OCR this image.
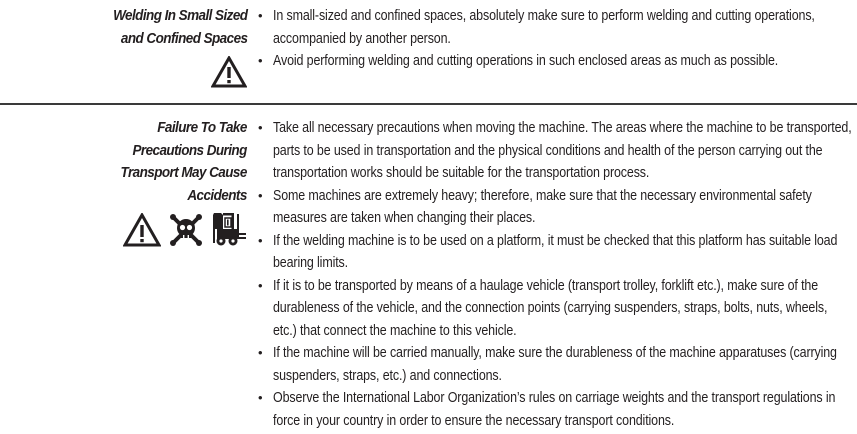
Welding In Small Sized
and Confined Spaces
• In small-sized and confined spaces, absolutely make sure to perform welding and cutting operations, accompanied by another person.
• Avoid performing welding and cutting operations in such enclosed areas as much as possible.
Failure To Take
Precautions During
Transport May Cause
Accidents
• Take all necessary precautions when moving the machine. The areas where the machine to be transported, parts to be used in transportation and the physical conditions and health of the person carrying out the transportation works should be suitable for the transportation process.
• Some machines are extremely heavy; therefore, make sure that the necessary environmental safety measures are taken when changing their places.
• If the welding machine is to be used on a platform, it must be checked that this platform has suitable load bearing limits.
• If it is to be transported by means of a haulage vehicle (transport trolley, forklift etc.), make sure of the durableness of the vehicle, and the connection points (carrying suspenders, straps, bolts, nuts, wheels, etc.) that connect the machine to this vehicle.
• If the machine will be carried manually, make sure the durableness of the machine apparatuses (carrying suspenders, straps, etc.) and connections.
• Observe the International Labor Organization’s rules on carriage weights and the transport regulations in force in your country in order to ensure the necessary transport conditions.
